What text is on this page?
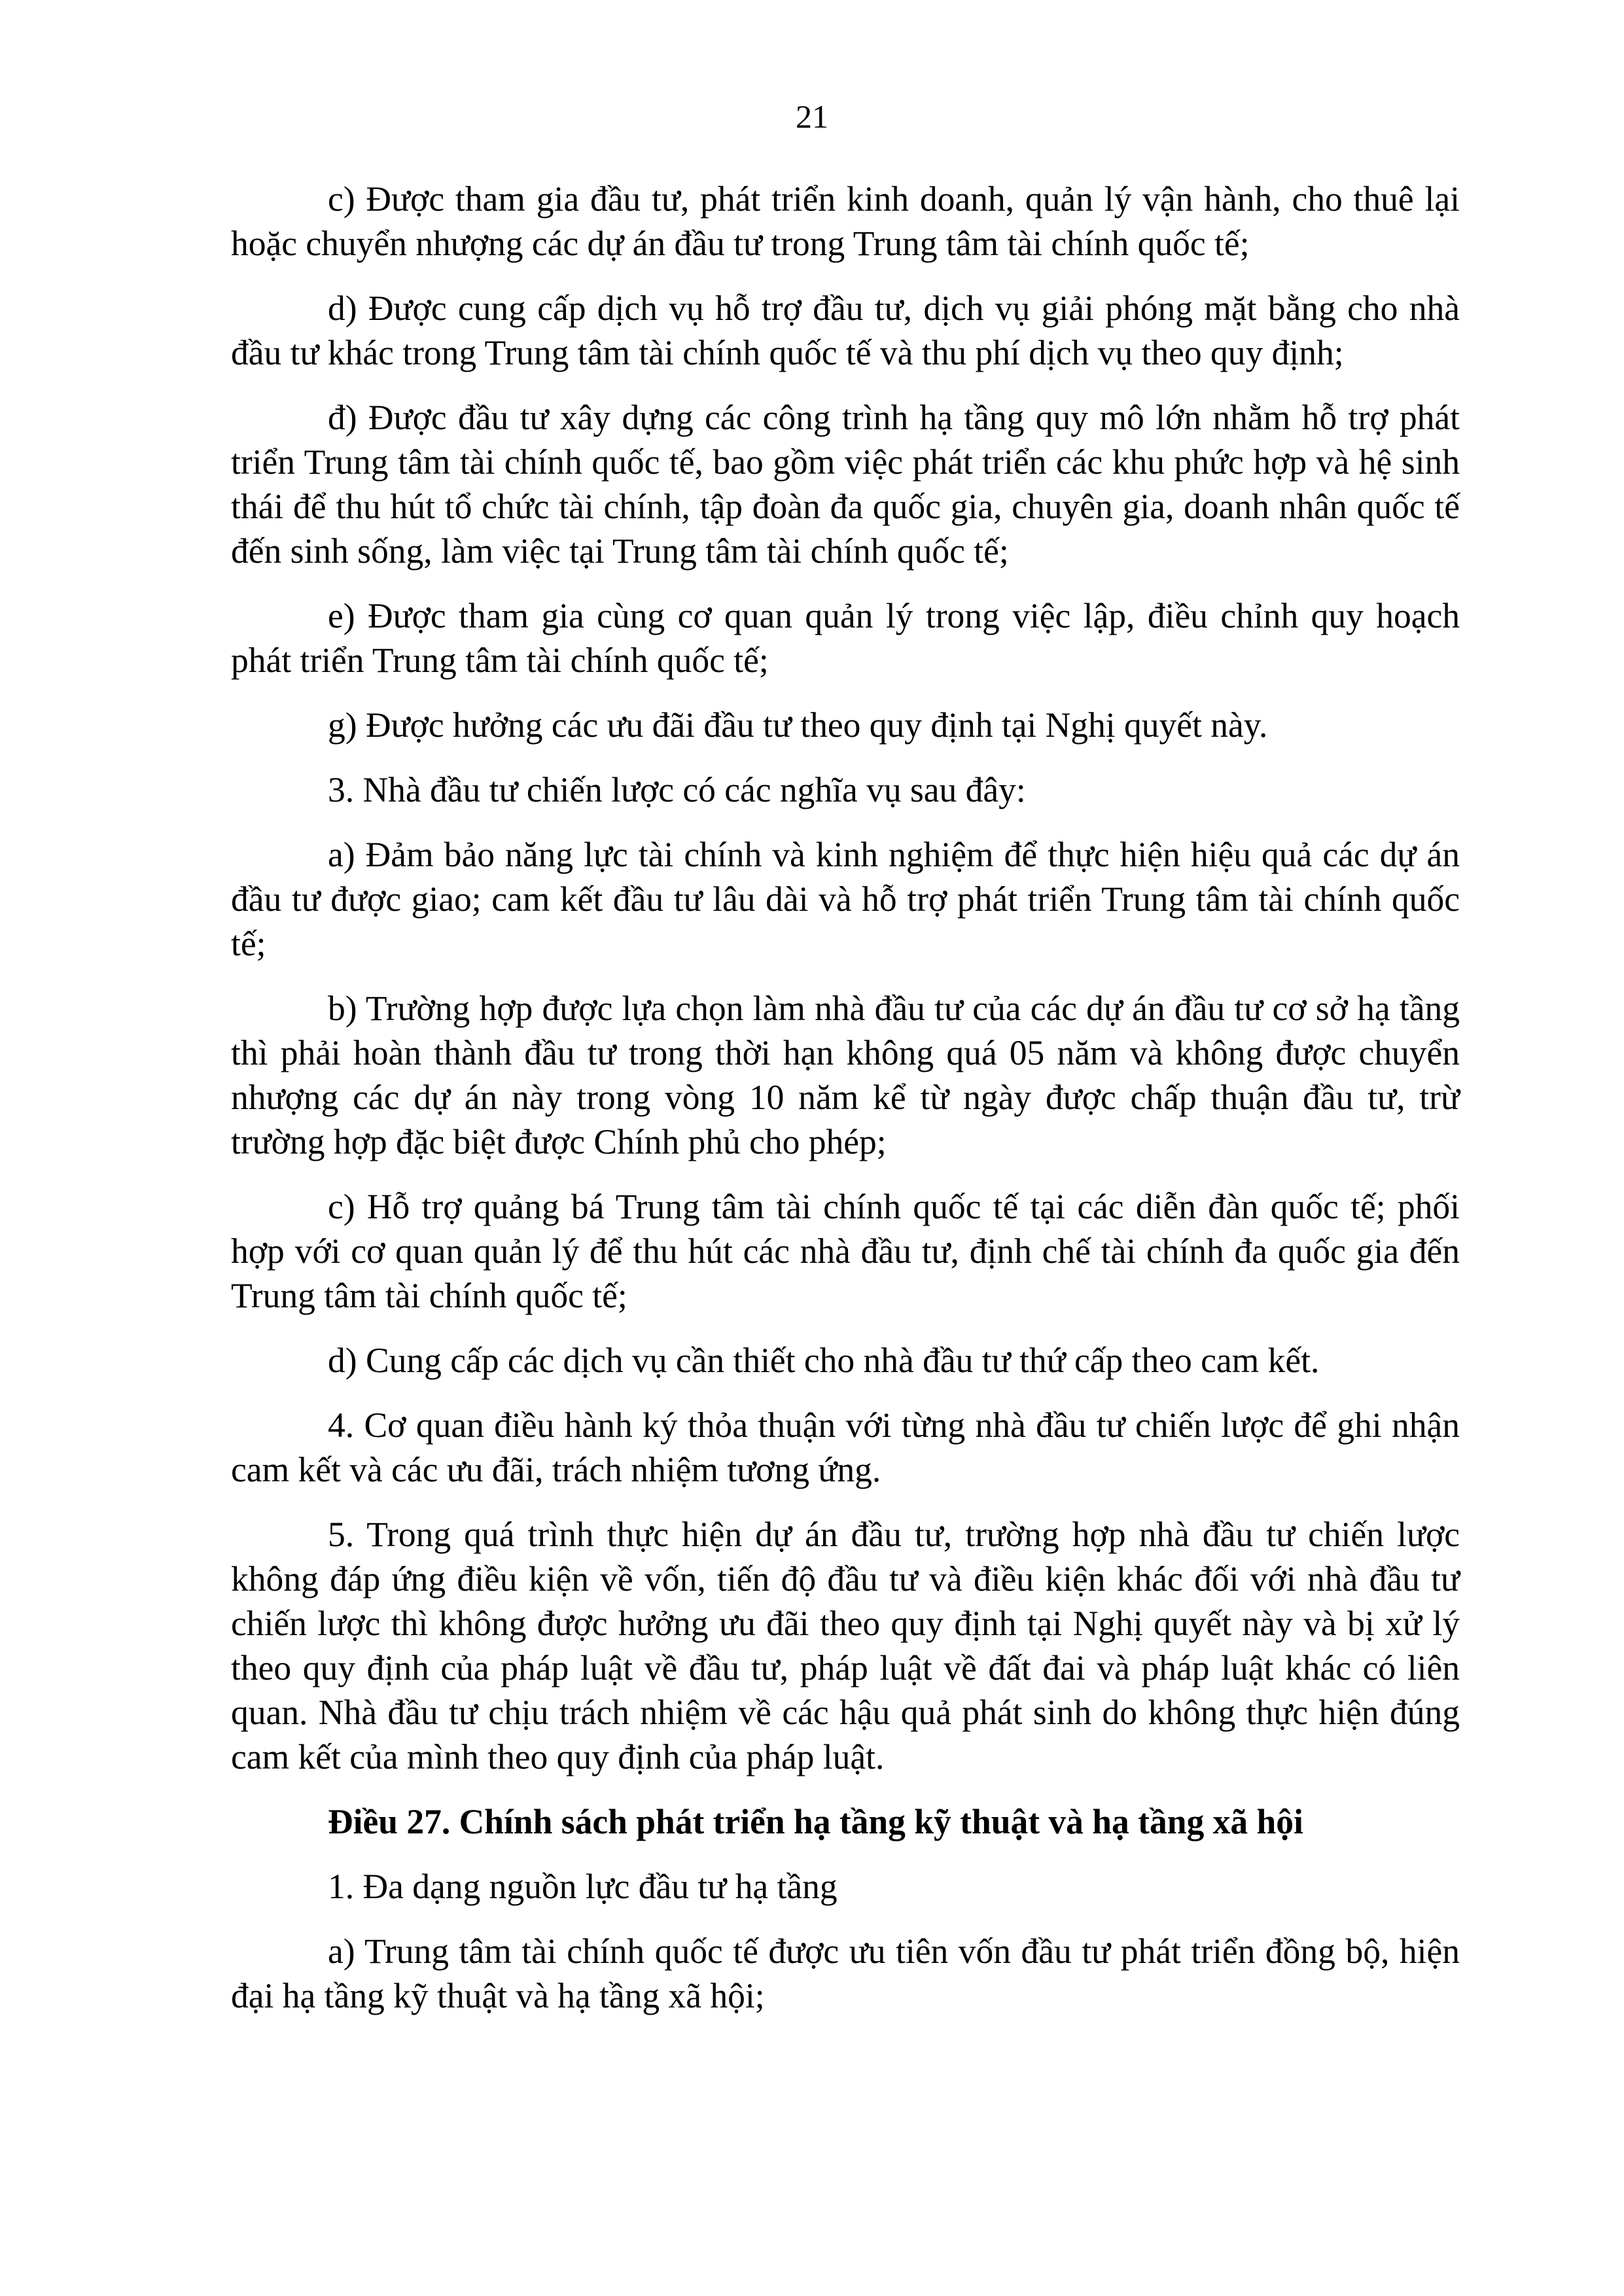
21

c) Được tham gia đầu tư, phát triển kinh doanh, quản lý vận hành, cho thuê lại hoặc chuyển nhượng các dự án đầu tư trong Trung tâm tài chính quốc tế;

d) Được cung cấp dịch vụ hỗ trợ đầu tư, dịch vụ giải phóng mặt bằng cho nhà đầu tư khác trong Trung tâm tài chính quốc tế và thu phí dịch vụ theo quy định;

đ) Được đầu tư xây dựng các công trình hạ tầng quy mô lớn nhằm hỗ trợ phát triển Trung tâm tài chính quốc tế, bao gồm việc phát triển các khu phức hợp và hệ sinh thái để thu hút tổ chức tài chính, tập đoàn đa quốc gia, chuyên gia, doanh nhân quốc tế đến sinh sống, làm việc tại Trung tâm tài chính quốc tế;

e) Được tham gia cùng cơ quan quản lý trong việc lập, điều chỉnh quy hoạch phát triển Trung tâm tài chính quốc tế;

g) Được hưởng các ưu đãi đầu tư theo quy định tại Nghị quyết này.

3. Nhà đầu tư chiến lược có các nghĩa vụ sau đây:

a) Đảm bảo năng lực tài chính và kinh nghiệm để thực hiện hiệu quả các dự án đầu tư được giao; cam kết đầu tư lâu dài và hỗ trợ phát triển Trung tâm tài chính quốc tế;

b) Trường hợp được lựa chọn làm nhà đầu tư của các dự án đầu tư cơ sở hạ tầng thì phải hoàn thành đầu tư trong thời hạn không quá 05 năm và không được chuyển nhượng các dự án này trong vòng 10 năm kể từ ngày được chấp thuận đầu tư, trừ trường hợp đặc biệt được Chính phủ cho phép;

c) Hỗ trợ quảng bá Trung tâm tài chính quốc tế tại các diễn đàn quốc tế; phối hợp với cơ quan quản lý để thu hút các nhà đầu tư, định chế tài chính đa quốc gia đến Trung tâm tài chính quốc tế;

d) Cung cấp các dịch vụ cần thiết cho nhà đầu tư thứ cấp theo cam kết.

4. Cơ quan điều hành ký thỏa thuận với từng nhà đầu tư chiến lược để ghi nhận cam kết và các ưu đãi, trách nhiệm tương ứng.

5. Trong quá trình thực hiện dự án đầu tư, trường hợp nhà đầu tư chiến lược không đáp ứng điều kiện về vốn, tiến độ đầu tư và điều kiện khác đối với nhà đầu tư chiến lược thì không được hưởng ưu đãi theo quy định tại Nghị quyết này và bị xử lý theo quy định của pháp luật về đầu tư, pháp luật về đất đai và pháp luật khác có liên quan. Nhà đầu tư chịu trách nhiệm về các hậu quả phát sinh do không thực hiện đúng cam kết của mình theo quy định của pháp luật.

Điều 27. Chính sách phát triển hạ tầng kỹ thuật và hạ tầng xã hội

1. Đa dạng nguồn lực đầu tư hạ tầng

a) Trung tâm tài chính quốc tế được ưu tiên vốn đầu tư phát triển đồng bộ, hiện đại hạ tầng kỹ thuật và hạ tầng xã hội;
